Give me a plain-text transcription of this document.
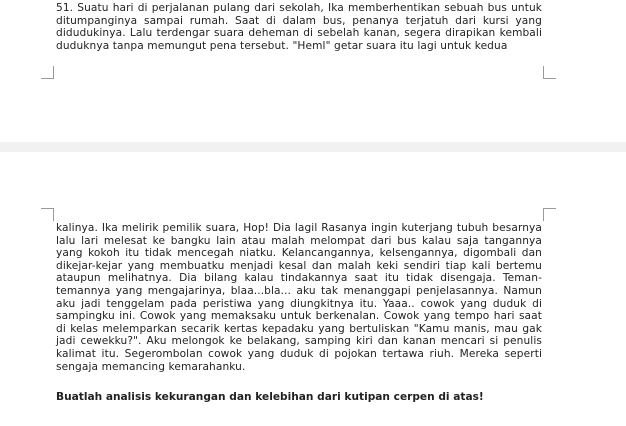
51. Suatu hari di perjalanan pulang dari sekolah, Ika memberhentikan sebuah bus untuk ditumpanginya sampai rumah. Saat di dalam bus, penanya terjatuh dari kursi yang didudukinya. Lalu terdengar suara deheman di sebelah kanan, segera dirapikan kembali duduknya tanpa memungut pena tersebut. "Heml" getar suara itu lagi untuk kedua

kalinya. Ika melirik pemilik suara, Hop! Dia lagil Rasanya ingin kuterjang tubuh besarnya lalu lari melesat ke bangku lain atau malah melompat dari bus kalau saja tangannya yang kokoh itu tidak mencegah niatku. Kelancangannya, kelsengannya, digombali dan dikejar-kejar yang membuatku menjadi kesal dan malah keki sendiri tiap kali bertemu ataupun melihatnya. Dia bilang kalau tindakannya saat itu tidak disengaja. Teman-temannya yang mengajarinya, blaa...bla... aku tak menanggapi penjelasannya. Namun aku jadi tenggelam pada peristiwa yang diungkitnya itu. Yaaa.. cowok yang duduk di sampingku ini. Cowok yang memaksaku untuk berkenalan. Cowok yang tempo hari saat di kelas melemparkan secarik kertas kepadaku yang bertuliskan "Kamu manis, mau gak jadi cewekku?". Aku melongok ke belakang, samping kiri dan kanan mencari si penulis kalimat itu. Segerombolan cowok yang duduk di pojokan tertawa riuh. Mereka seperti sengaja memancing kemarahanku.

Buatlah analisis kekurangan dan kelebihan dari kutipan cerpen di atas!
